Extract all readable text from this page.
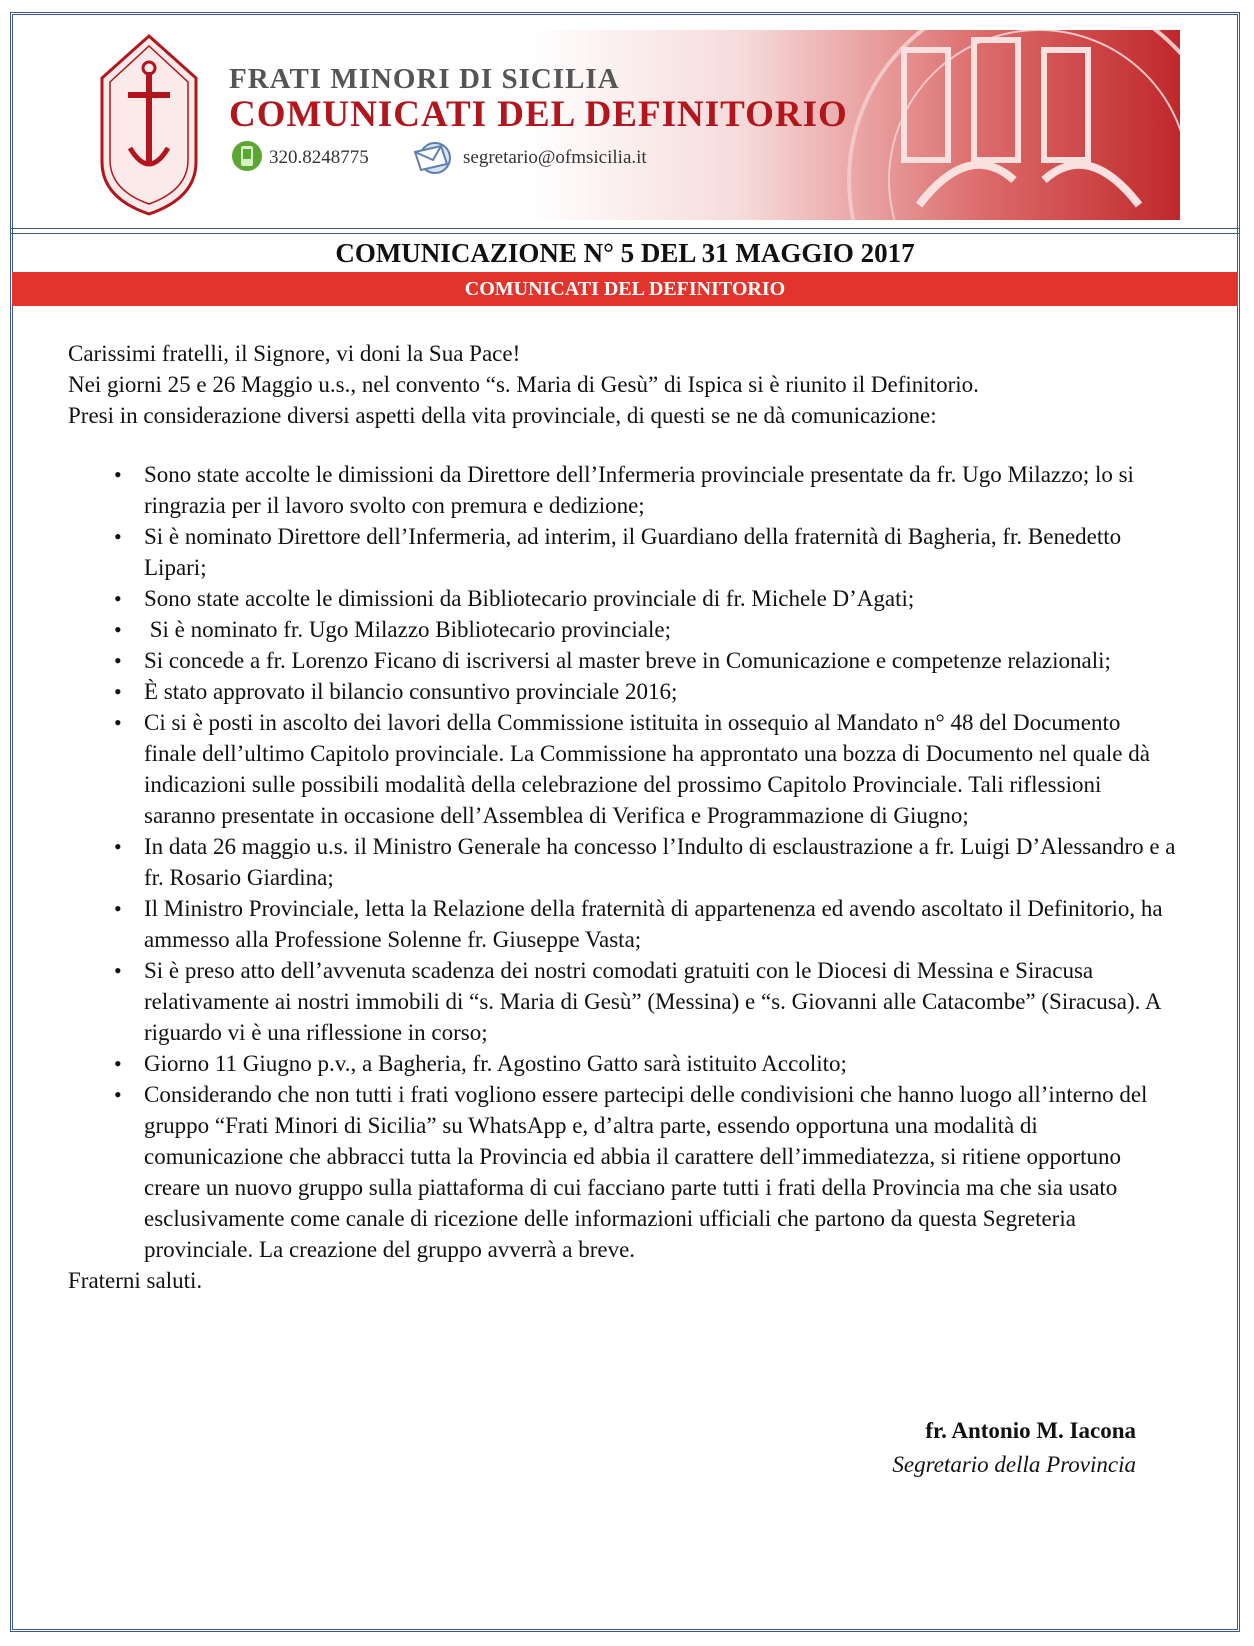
FRATI MINORI DI SICILIA
COMUNICATI DEL DEFINITORIO
320.8248775	segretario@ofmsicilia.it
COMUNICAZIONE N° 5 DEL 31 MAGGIO 2017
COMUNICATI DEL DEFINITORIO

Carissimi fratelli, il Signore, vi doni la Sua Pace!

Nei giorni 25 e 26 Maggio u.s., nel convento “s. Maria di Gesù” di Ispica si è riunito il Definitorio.

Presi in considerazione diversi aspetti della vita provinciale, di questi se ne dà comunicazione:

• Sono state accolte le dimissioni da Direttore dell’Infermeria provinciale presentate da fr. Ugo Milazzo; lo si ringrazia per il lavoro svolto con premura e dedizione;
• Si è nominato Direttore dell’Infermeria, ad interim, il Guardiano della fraternità di Bagheria, fr. Benedetto Lipari;
• Sono state accolte le dimissioni da Bibliotecario provinciale di fr. Michele D’Agati;
•  Si è nominato fr. Ugo Milazzo Bibliotecario provinciale;
• Si concede a fr. Lorenzo Ficano di iscriversi al master breve in Comunicazione e competenze relazionali;
• È stato approvato il bilancio consuntivo provinciale 2016;
• Ci si è posti in ascolto dei lavori della Commissione istituita in ossequio al Mandato n° 48 del Documento finale dell’ultimo Capitolo provinciale. La Commissione ha approntato una bozza di Documento nel quale dà indicazioni sulle possibili modalità della celebrazione del prossimo Capitolo Provinciale. Tali riflessioni saranno presentate in occasione dell’Assemblea di Verifica e Programmazione di Giugno;
• In data 26 maggio u.s. il Ministro Generale ha concesso l’Indulto di esclaustrazione a fr. Luigi D’Alessandro e a fr. Rosario Giardina;
• Il Ministro Provinciale, letta la Relazione della fraternità di appartenenza ed avendo ascoltato il Definitorio, ha ammesso alla Professione Solenne fr. Giuseppe Vasta;
• Si è preso atto dell’avvenuta scadenza dei nostri comodati gratuiti con le Diocesi di Messina e Siracusa relativamente ai nostri immobili di “s. Maria di Gesù” (Messina) e “s. Giovanni alle Catacombe” (Siracusa). A riguardo vi è una riflessione in corso;
• Giorno 11 Giugno p.v., a Bagheria, fr. Agostino Gatto sarà istituito Accolito;
• Considerando che non tutti i frati vogliono essere partecipi delle condivisioni che hanno luogo all’interno del gruppo “Frati Minori di Sicilia” su WhatsApp e, d’altra parte, essendo opportuna una modalità di comunicazione che abbracci tutta la Provincia ed abbia il carattere dell’immediatezza, si ritiene opportuno creare un nuovo gruppo sulla piattaforma di cui facciano parte tutti i frati della Provincia ma che sia usato esclusivamente come canale di ricezione delle informazioni ufficiali che partono da questa Segreteria provinciale. La creazione del gruppo avverrà a breve.

Fraterni saluti.

fr. Antonio M. Iacona
Segretario della Provincia
